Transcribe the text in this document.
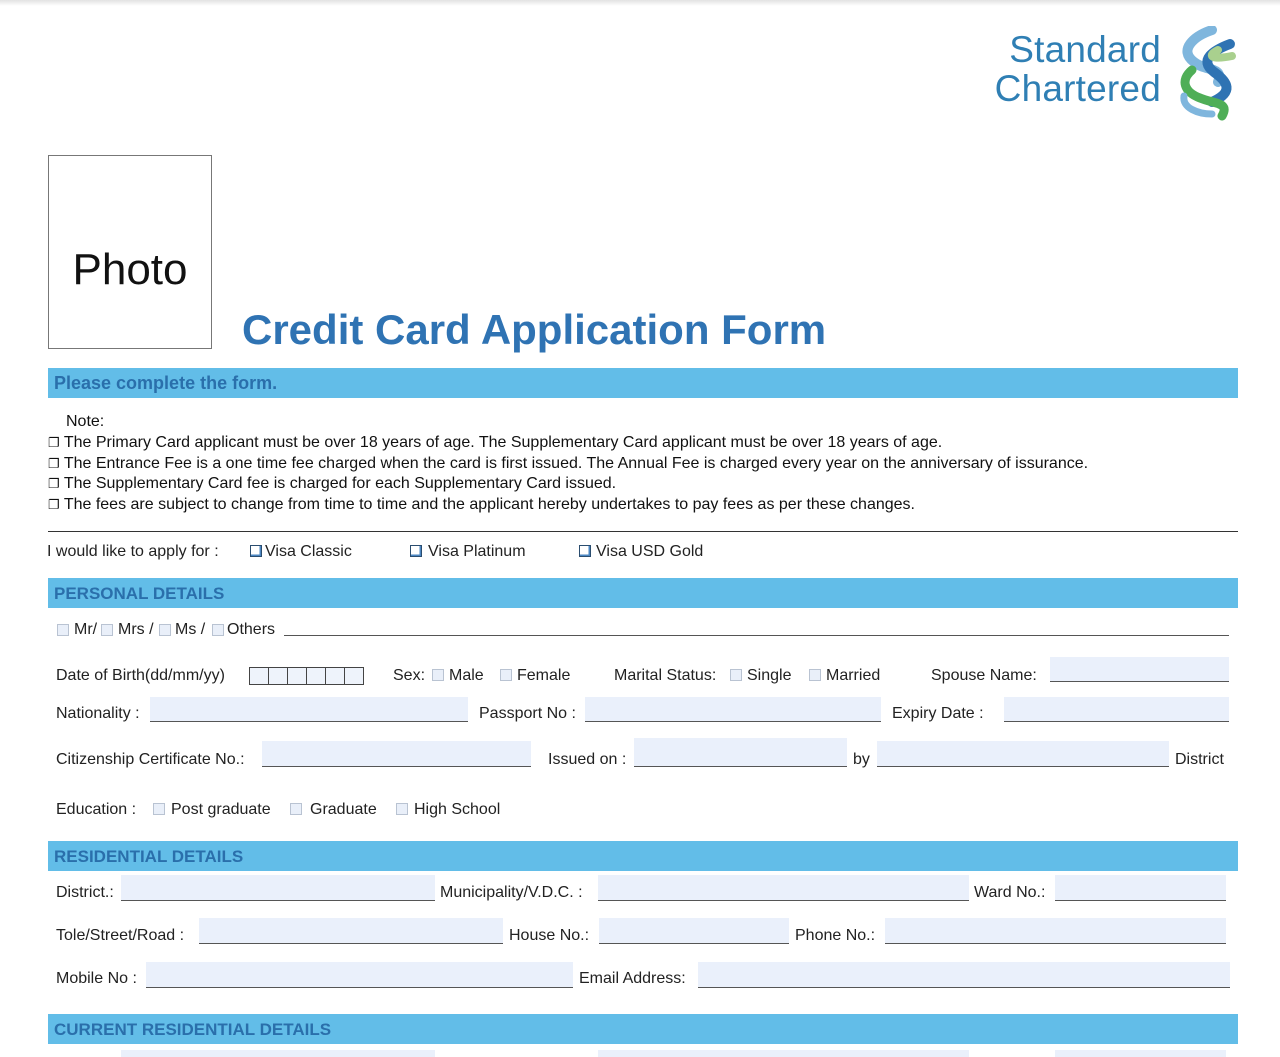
Standard
Chartered
Photo
Credit Card Application Form
Please complete the form.
Note:
❐ The Primary Card applicant must be over 18 years of age. The Supplementary Card applicant must be over 18 years of age.
❐ The Entrance Fee is a one time fee charged when the card is first issued. The Annual Fee is charged every year on the anniversary of issurance.
❐ The Supplementary Card fee is charged for each Supplementary Card issued.
❐ The fees are subject to change from time to time and the applicant hereby undertakes to pay fees as per these changes.
I would like to apply for :	Visa Classic	Visa Platinum	Visa USD Gold
PERSONAL DETAILS
Mr/ Mrs / Ms / Others
Date of Birth(dd/mm/yy)	Sex: Male Female	Marital Status: Single Married	Spouse Name:
Nationality :	Passport No :	Expiry Date :
Citizenship Certificate No.:	Issued on :	by	District
Education : Post graduate Graduate High School
RESIDENTIAL DETAILS
District.:	Municipality/V.D.C. :	Ward No.:
Tole/Street/Road :	House No.:	Phone No.:
Mobile No :	Email Address:
CURRENT RESIDENTIAL DETAILS
